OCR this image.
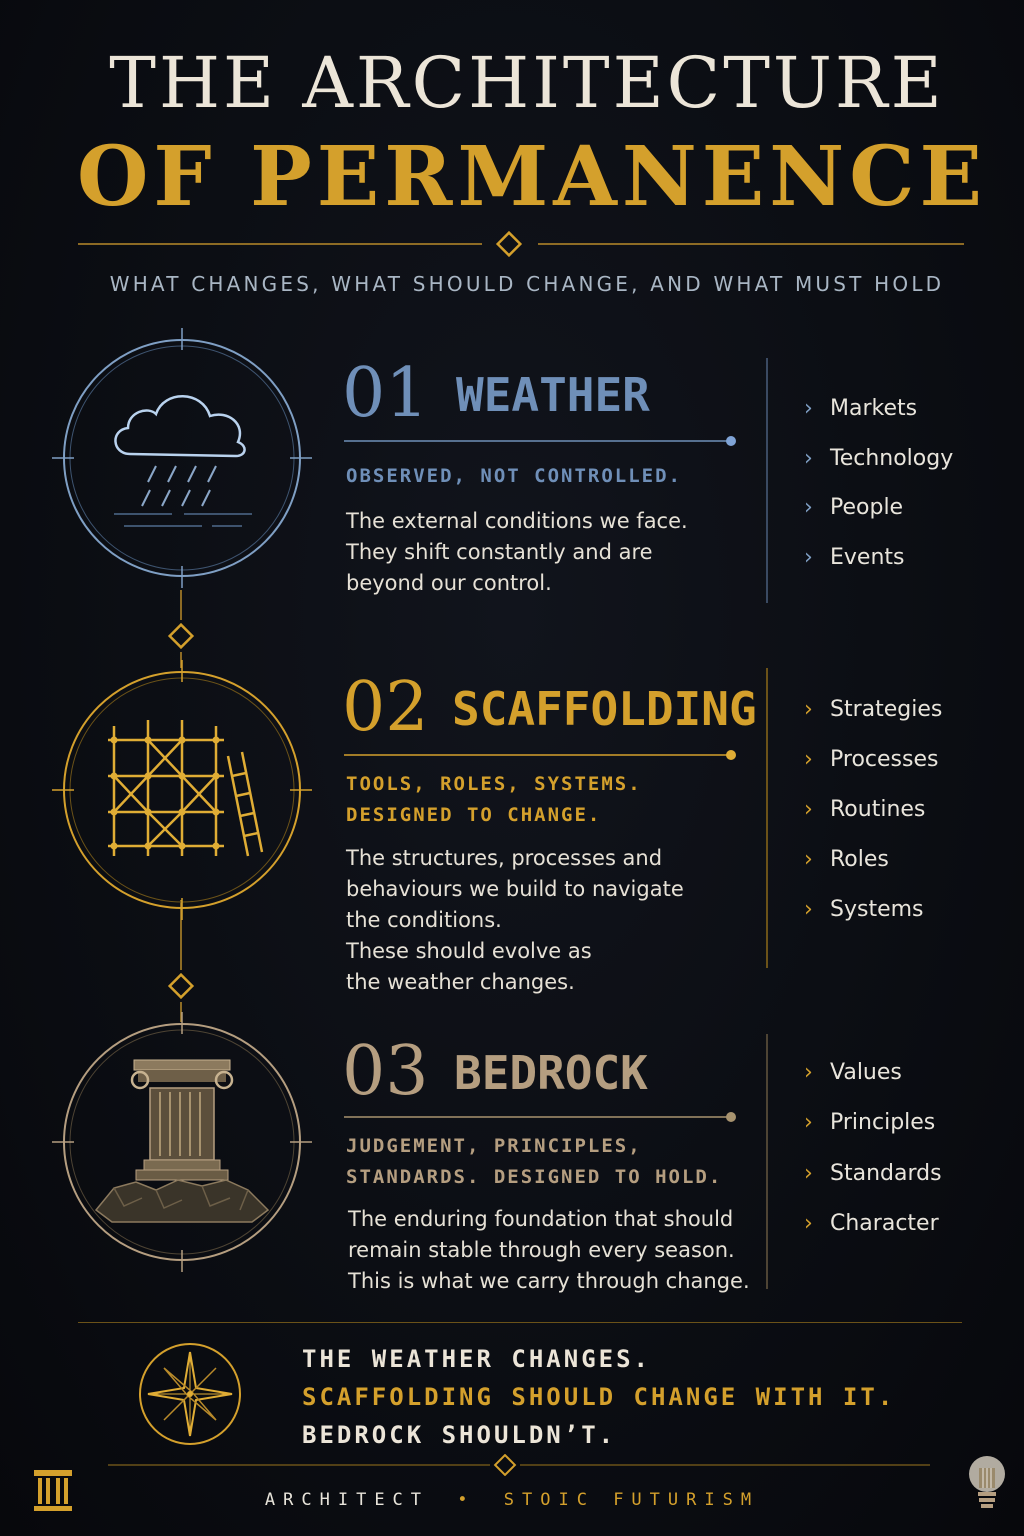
THE ARCHITECTURE
OF PERMANENCE
WHAT CHANGES, WHAT SHOULD CHANGE, AND WHAT MUST HOLD
01 WEATHER
OBSERVED, NOT CONTROLLED.
The external conditions we face.
They shift constantly and are
beyond our control.
› Markets
› Technology
› People
› Events
02 SCAFFOLDING
TOOLS, ROLES, SYSTEMS.
DESIGNED TO CHANGE.
The structures, processes and
behaviours we build to navigate
the conditions.
These should evolve as
the weather changes.
› Strategies
› Processes
› Routines
› Roles
› Systems
03 BEDROCK
JUDGEMENT, PRINCIPLES,
STANDARDS. DESIGNED TO HOLD.
The enduring foundation that should
remain stable through every season.
This is what we carry through change.
› Values
› Principles
› Standards
› Character
THE WEATHER CHANGES.
SCAFFOLDING SHOULD CHANGE WITH IT.
BEDROCK SHOULDN’T.
ARCHITECT • STOIC FUTURISM
